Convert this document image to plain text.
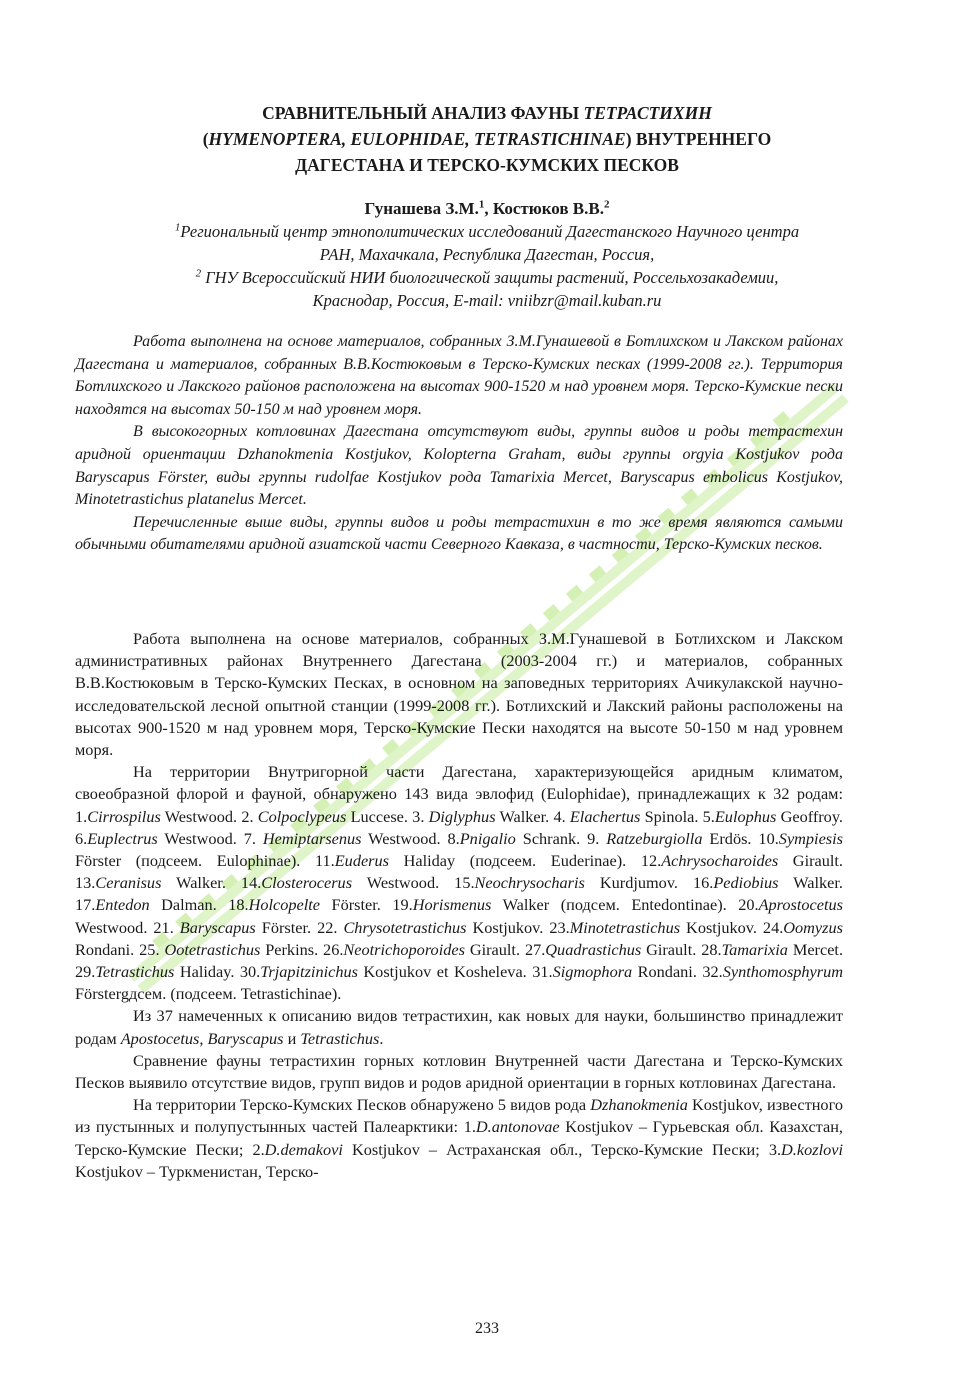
СРАВНИТЕЛЬНЫЙ АНАЛИЗ ФАУНЫ ТЕТРАСТИХИН
(HYMENOPTERA, EULOPHIDAE, TETRASTICHINAE) ВНУТРЕННЕГО
ДАГЕСТАНА И ТЕРСКО-КУМСКИХ ПЕСКОВ
Гунашева З.М.$^1$, Костюков В.В.$^2$
$^1$Региональный центр этнополитических исследований Дагестанского Научного центра
РАН, Махачкала, Республика Дагестан, Россия,
$^2$ ГНУ Всероссийский НИИ биологической защиты растений, Россельхозакадемии,
Краснодар, Россия, E-mail: vniibzr@mail.kuban.ru

Работа выполнена на основе материалов, собранных З.М.Гунашевой в Ботлихском и Лакском районах Дагестана и материалов, собранных В.В.Костюковым в Терско-Кумских песках (1999-2008 гг.). Территория Ботлихского и Лакского районов расположена на высотах 900-1520 м над уровнем моря. Терско-Кумские пески находятся на высотах 50-150 м над уровнем моря.

В высокогорных котловинах Дагестана отсутствуют виды, группы видов и роды тетрастехин аридной ориентации Dzhanokmenia Kostjukov, Kolopterna Graham, виды группы orgyia Kostjukov рода Baryscapus Förster, виды группы rudolfae Kostjukov рода Tamarixia Mercet, Baryscapus embolicus Kostjukov, Minotetrastichus platanelus Mercet.

Перечисленные выше виды, группы видов и роды тетрастихин в то же время являются самыми обычными обитателями аридной азиатской части Северного Кавказа, в частности, Терско-Кумских песков.

Работа выполнена на основе материалов, собранных З.М.Гунашевой в Ботлихском и Лакском административных районах Внутреннего Дагестана (2003-2004 гг.) и материалов, собранных В.В.Костюковым в Терско-Кумских Песках, в основном на заповедных территориях Ачикулакской научно-исследовательской лесной опытной станции (1999-2008 гг.). Ботлихский и Лакский районы расположены на высотах 900-1520 м над уровнем моря, Терско-Кумские Пески находятся на высоте 50-150 м над уровнем моря.

На территории Внутригорной части Дагестана, характеризующейся аридным климатом, своеобразной флорой и фауной, обнаружено 143 вида эвлофид (Eulophidae), принадлежащих к 32 родам: 1.Cirrospilus Westwood. 2. Colpoclypeus Luccese. 3. Diglyphus Walker. 4. Elachertus Spinola. 5.Eulophus Geoffroy. 6.Euplectrus Westwood. 7. Hemiptarsenus Westwood. 8.Pnigalio Schrank. 9. Ratzeburgiolla Erdös. 10.Sympiesis Förster (подсеем. Eulophinae). 11.Euderus Haliday (подсеем. Euderinae). 12.Achrysocharoides Girault. 13.Ceranisus Walker. 14.Closterocerus Westwood. 15.Neochrysocharis Kurdjumov. 16.Pediobius Walker. 17.Entedon Dalman. 18.Holcopelte Förster. 19.Horismenus Walker (подсем. Entedontinae). 20.Aprostocetus Westwood. 21. Baryscapus Förster. 22. Chrysotetrastichus Kostjukov. 23.Minotetrastichus Kostjukov. 24.Oomyzus Rondani. 25. Ootetrastichus Perkins. 26.Neotrichoporoides Girault. 27.Quadrastichus Girault. 28.Tamarixia Mercet. 29.Tetrastichus Haliday. 30.Trjapitzinichus Kostjukov et Kosheleva. 31.Sigmophora Rondani. 32.Synthomosphyrum Förstergдсем. (подсеем. Tetrastichinae).

Из 37 намеченных к описанию видов тетрастихин, как новых для науки, большинство принадлежит родам Apostocetus, Baryscapus и Tetrastichus.

Сравнение фауны тетрастихин горных котловин Внутренней части Дагестана и Терско-Кумских Песков выявило отсутствие видов, групп видов и родов аридной ориентации в горных котловинах Дагестана.

На территории Терско-Кумских Песков обнаружено 5 видов рода Dzhanokmenia Kostjukov, известного из пустынных и полупустынных частей Палеарктики: 1.D.antonovae Kostjukov – Гурьевская обл. Казахстан, Терско-Кумские Пески; 2.D.demakovi Kostjukov – Астраханская обл., Терско-Кумские Пески; 3.D.kozlovi Kostjukov – Туркменистан, Терско-

233
